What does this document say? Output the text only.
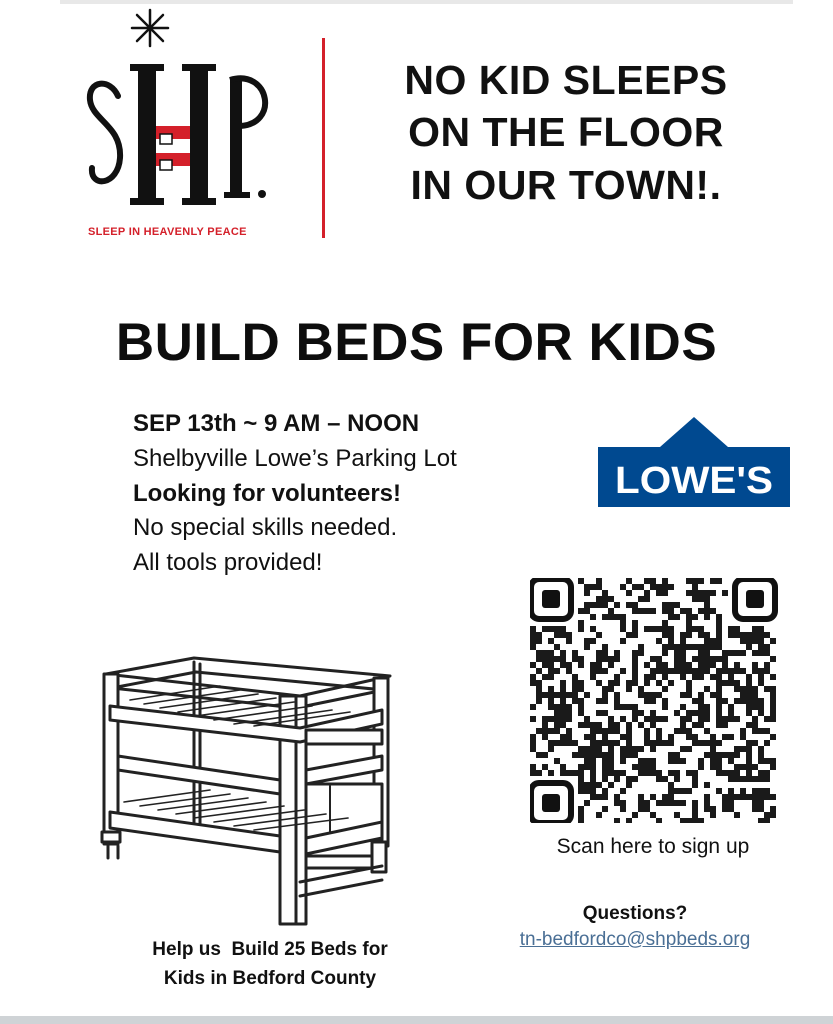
SLEEP IN HEAVENLY PEACE
NO KID SLEEPS
ON THE FLOOR
IN OUR TOWN!.
BUILD BEDS FOR KIDS
SEP 13th ~ 9 AM – NOON
Shelbyville Lowe’s Parking Lot
Looking for volunteers!
No special skills needed.
All tools provided!
LOWE'S
Scan here to sign up
Help us  Build 25 Beds for
Kids in Bedford County
Questions?
tn-bedfordco@shpbeds.org
